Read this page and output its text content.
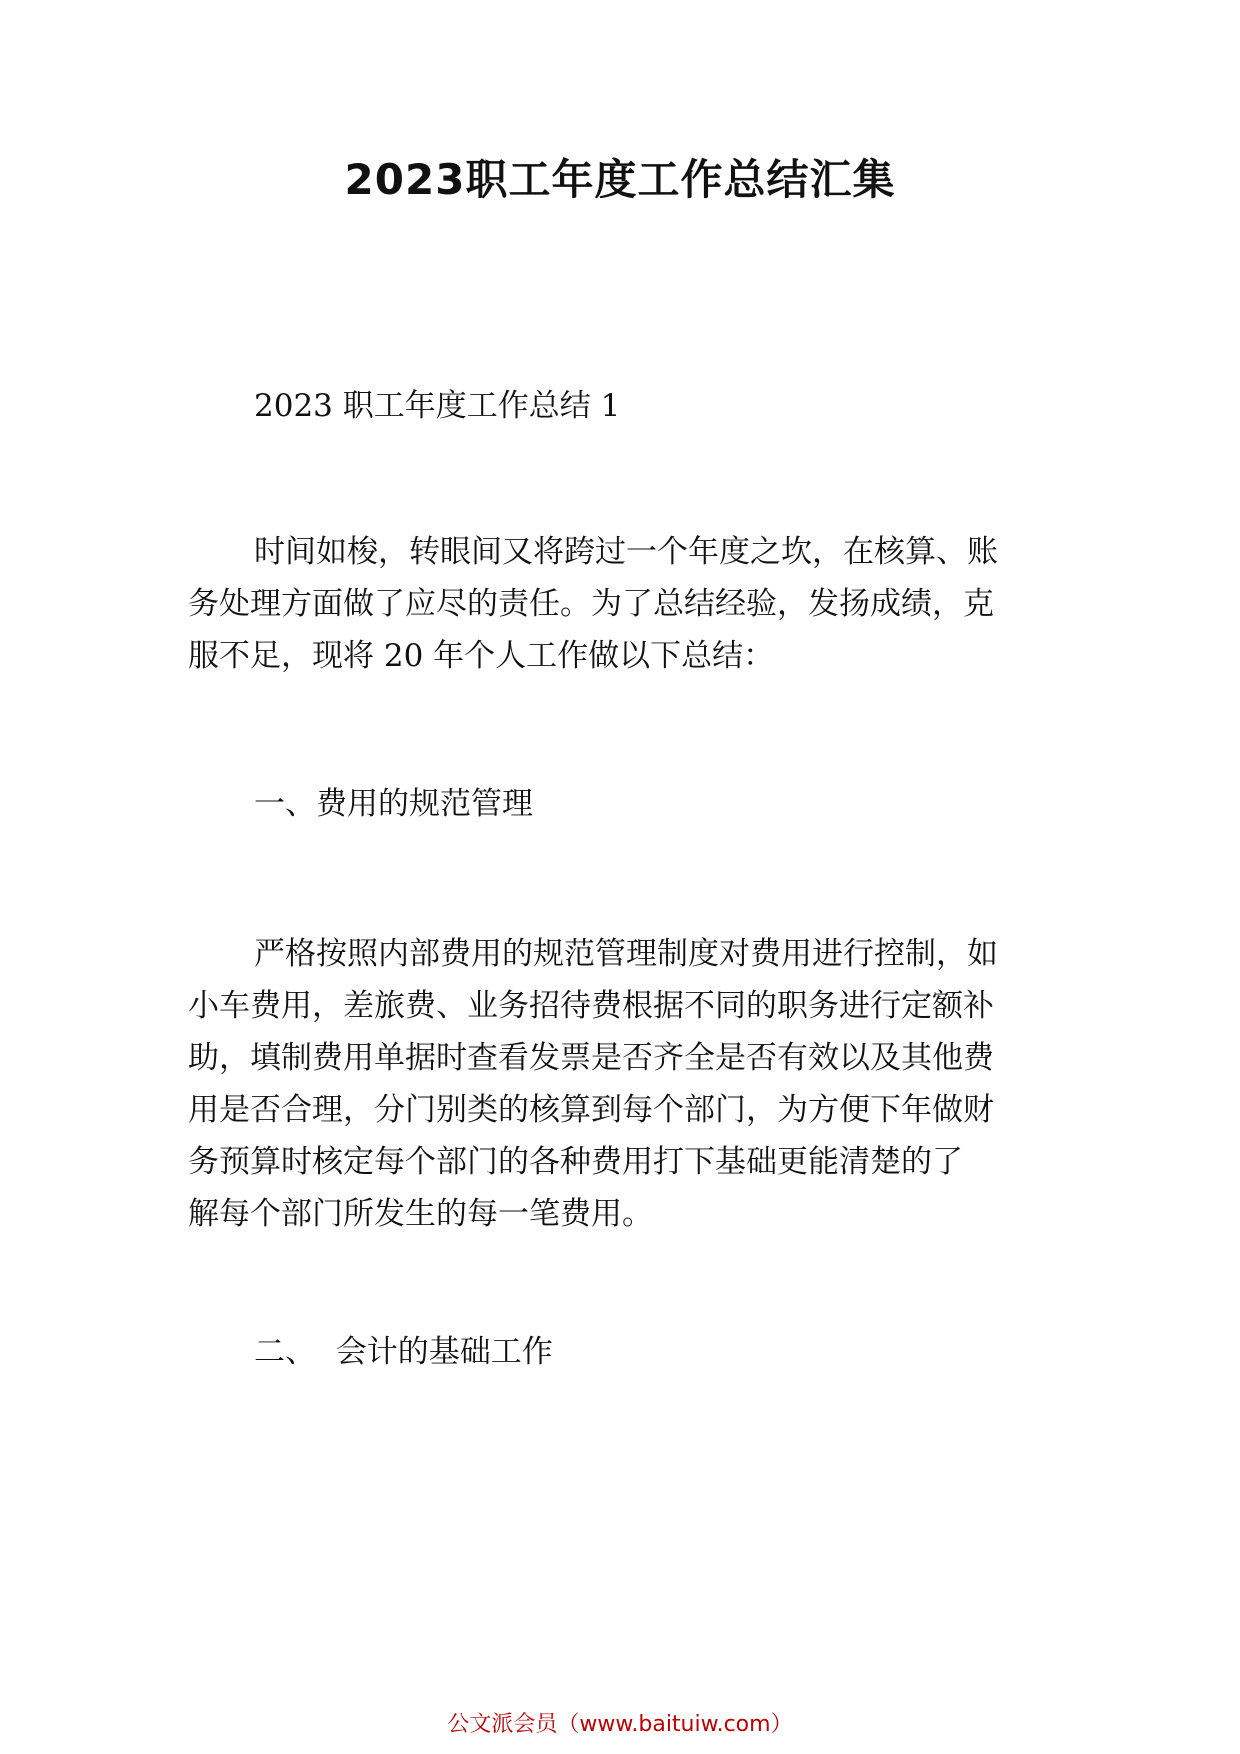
2023职工年度工作总结汇集

2023 职工年度工作总结 1

时间如梭，转眼间又将跨过一个年度之坎，在核算、账

务处理方面做了应尽的责任。为了总结经验，发扬成绩，克

服不足，现将 20 年个人工作做以下总结：

一、费用的规范管理

严格按照内部费用的规范管理制度对费用进行控制，如

小车费用，差旅费、业务招待费根据不同的职务进行定额补

助，填制费用单据时查看发票是否齐全是否有效以及其他费

用是否合理，分门别类的核算到每个部门，为方便下年做财

务预算时核定每个部门的各种费用打下基础更能清楚的了

解每个部门所发生的每一笔费用。

二、  会计的基础工作

公文派会员（www.baituiw.com）
